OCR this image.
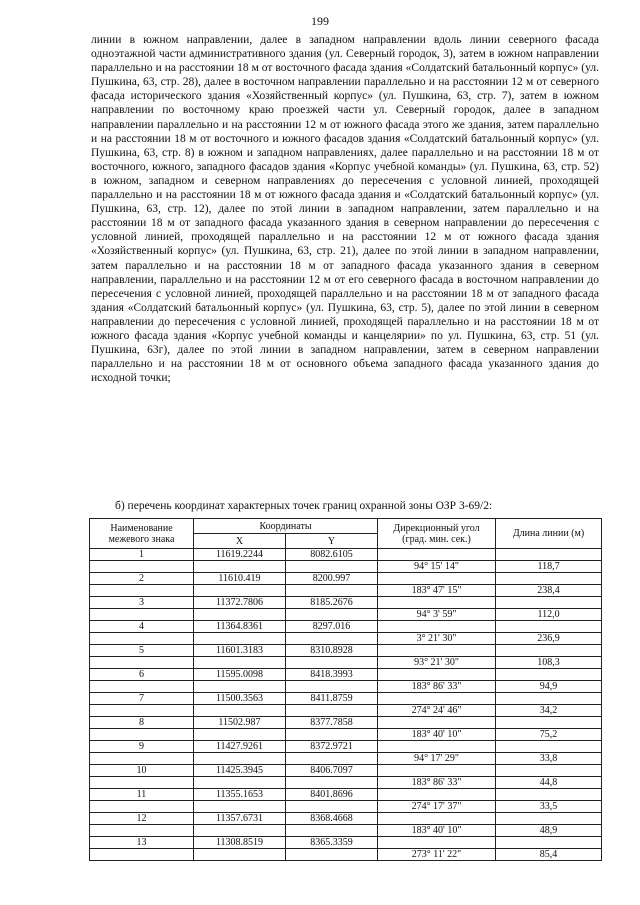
199

линии в южном направлении, далее в западном направлении вдоль линии северного фасада одноэтажной части административного здания (ул. Северный городок, 3), затем в южном направлении параллельно и на расстоянии 18 м от восточного фасада здания «Солдатский батальонный корпус» (ул. Пушкина, 63, стр. 28), далее в восточном направлении параллельно и на расстоянии 12 м от северного фасада исторического здания «Хозяйственный корпус» (ул. Пушкина, 63, стр. 7), затем в южном направлении по восточному краю проезжей части ул. Северный городок, далее в западном направлении параллельно и на расстоянии 12 м от южного фасада этого же здания, затем параллельно и на расстоянии 18 м от восточного и южного фасадов здания «Солдатский батальонный корпус» (ул. Пушкина, 63, стр. 8) в южном и западном направлениях, далее параллельно и на расстоянии 18 м от восточного, южного, западного фасадов здания «Корпус учебной команды» (ул. Пушкина, 63, стр. 52) в южном, западном и северном направлениях до пересечения с условной линией, проходящей параллельно и на расстоянии 18 м от южного фасада здания и «Солдатский батальонный корпус» (ул. Пушкина, 63, стр. 12), далее по этой линии в западном направлении, затем параллельно и на расстоянии 18 м от западного фасада указанного здания в северном направлении до пересечения с условной линией, проходящей параллельно и на расстоянии 12 м от южного фасада здания «Хозяйственный корпус» (ул. Пушкина, 63, стр. 21), далее по этой линии в западном направлении, затем параллельно и на расстоянии 18 м от западного фасада указанного здания в северном направлении, параллельно и на расстоянии 12 м от его северного фасада в восточном направлении до пересечения с условной линией, проходящей параллельно и на расстоянии 18 м от западного фасада здания «Солдатский батальонный корпус» (ул. Пушкина, 63, стр. 5), далее по этой линии в северном направлении до пересечения с условной линией, проходящей параллельно и на расстоянии 18 м от южного фасада здания «Корпус учебной команды и канцелярии» по ул. Пушкина, 63, стр. 51 (ул. Пушкина, 63г), далее по этой линии в западном направлении, затем в северном направлении параллельно и на расстоянии 18 м от основного объема западного фасада указанного здания до исходной точки;

б) перечень координат характерных точек границ охранной зоны ОЗР 3-69/2:

Наименование межевого знака	Координаты		Дирекционный угол (град. мин. сек.)	Длина линии (м)
	X	Y		
1	11619.2244	8082.6105		
			94° 15' 14"	118,7
2	11610.419	8200.997		
			183° 47' 15"	238,4
3	11372.7806	8185.2676		
			94° 3' 59"	112,0
4	11364.8361	8297.016		
			3° 21' 30"	236,9
5	11601.3183	8310.8928		
			93° 21' 30"	108,3
6	11595.0098	8418.3993		
			183° 86' 33"	94,9
7	11500.3563	8411.8759		
			274° 24' 46"	34,2
8	11502.987	8377.7858		
			183° 40' 10"	75,2
9	11427.9261	8372.9721		
			94° 17' 29"	33,8
10	11425.3945	8406.7097		
			183° 86' 33"	44,8
11	11355.1653	8401.8696		
			274° 17' 37"	33,5
12	11357.6731	8368.4668		
			183° 40' 10"	48,9
13	11308.8519	8365.3359		
			273° 11' 22"	85,4
